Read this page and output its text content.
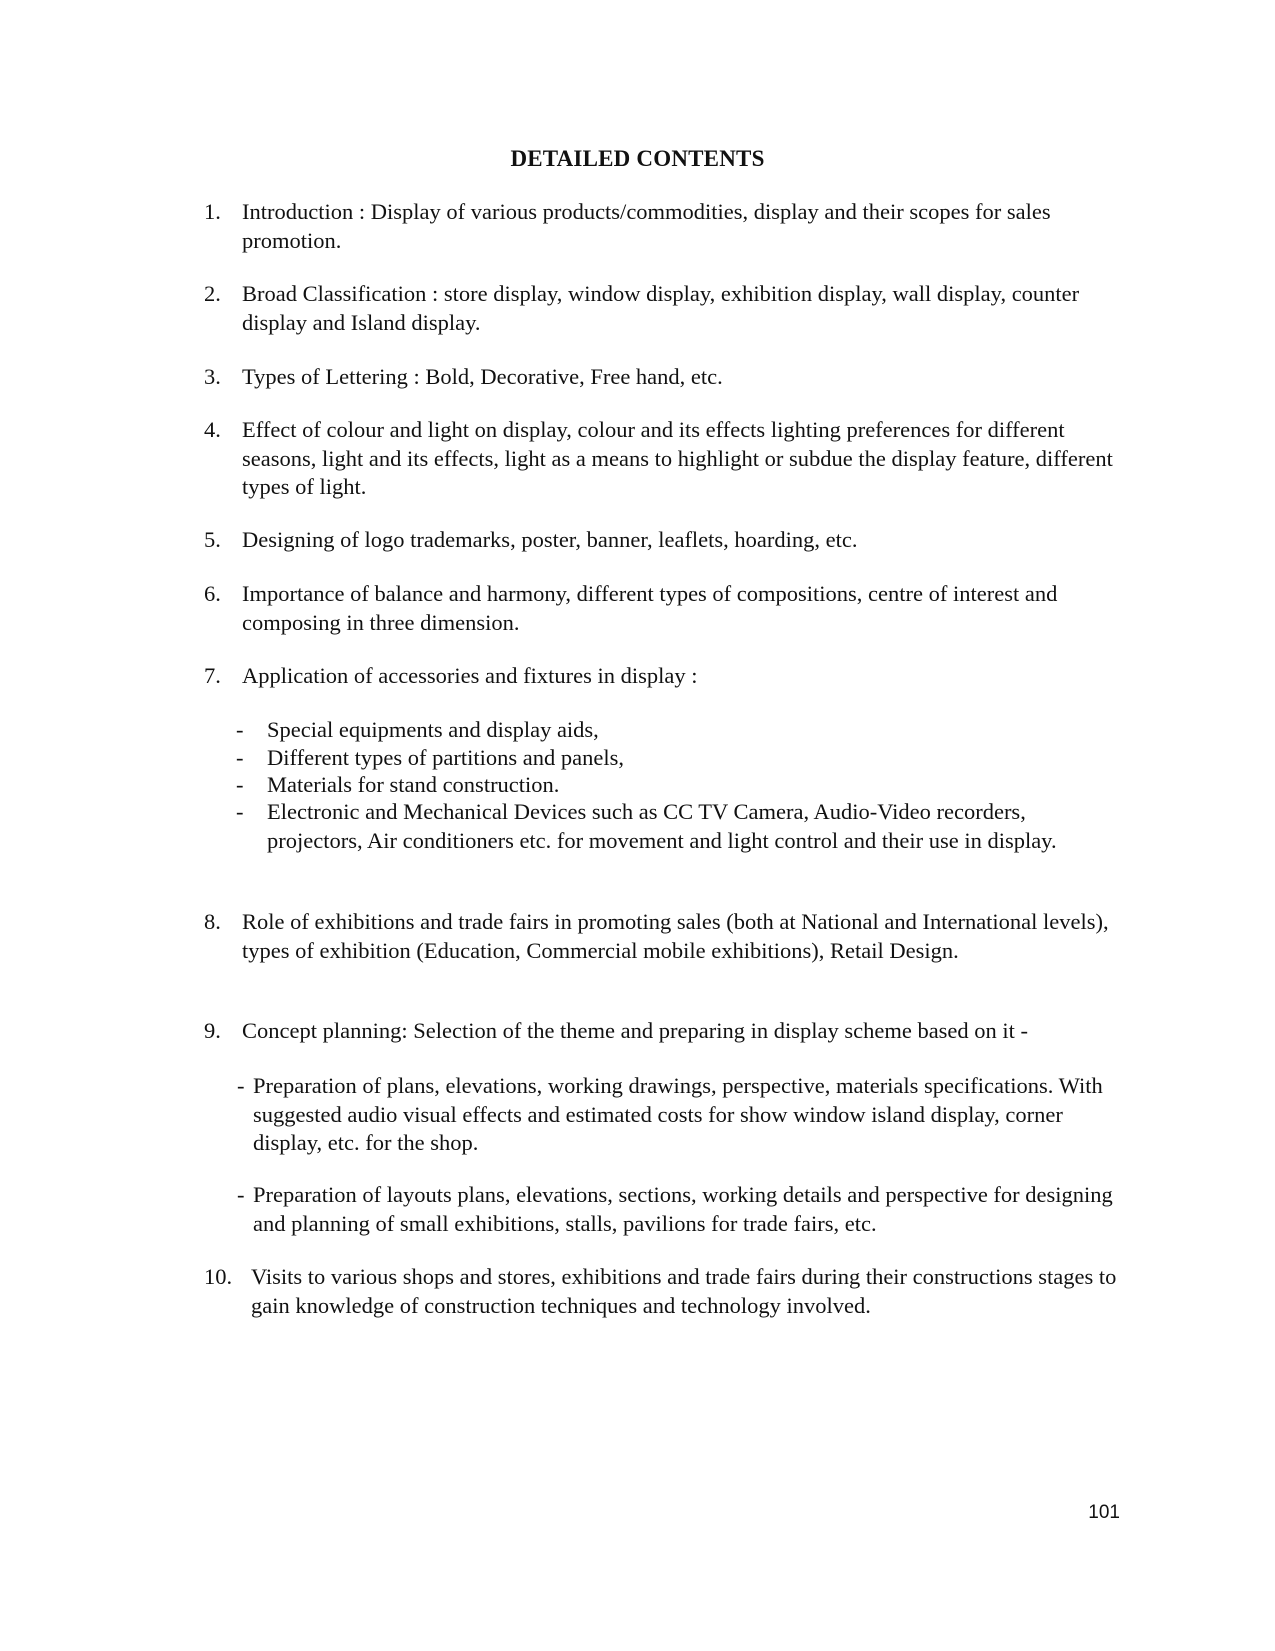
DETAILED CONTENTS
1. Introduction : Display of various products/commodities, display and their scopes for sales promotion.
2. Broad Classification : store display, window display, exhibition display, wall display, counter display and Island display.
3. Types of Lettering : Bold, Decorative, Free hand, etc.
4. Effect of colour and light on display, colour and its effects lighting preferences for different seasons, light and its effects, light as a means to highlight or subdue the display feature, different types of light.
5. Designing of logo trademarks, poster, banner, leaflets, hoarding, etc.
6. Importance of balance and harmony, different types of compositions, centre of interest and composing in three dimension.
7. Application of accessories and fixtures in display :
- Special equipments and display aids,
- Different types of partitions and panels,
- Materials for stand construction.
- Electronic and Mechanical Devices such as CC TV Camera, Audio-Video recorders, projectors, Air conditioners etc. for movement and light control and their use in display.
8. Role of exhibitions and trade fairs in promoting sales (both at National and International levels), types of exhibition (Education, Commercial mobile exhibitions), Retail Design.
9. Concept planning: Selection of the theme and preparing in display scheme based on it -
- Preparation of plans, elevations, working drawings, perspective, materials specifications. With suggested audio visual effects and estimated costs for show window island display, corner display, etc. for the shop.
- Preparation of layouts plans, elevations, sections, working details and perspective for designing and planning of small exhibitions, stalls, pavilions for trade fairs, etc.
10. Visits to various shops and stores, exhibitions and trade fairs during their constructions stages to gain knowledge of construction techniques and technology involved.
101
